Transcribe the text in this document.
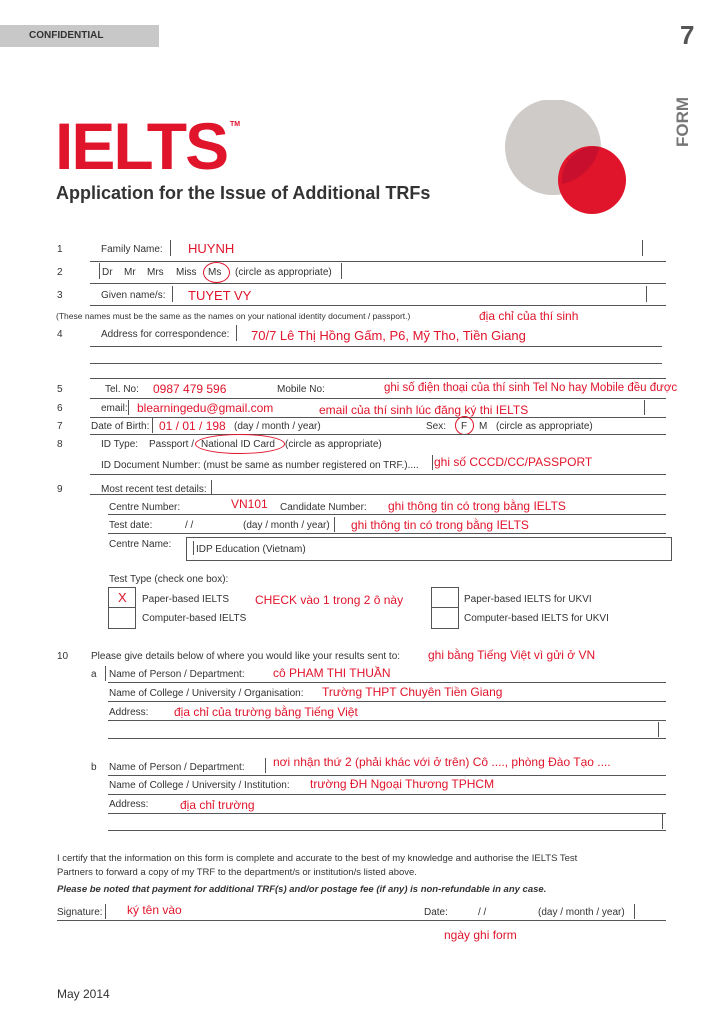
CONFIDENTIAL	7
FORM
IELTS TM
Application for the Issue of Additional TRFs
1	Family Name: HUYNH
2	Dr Mr Mrs Miss Ms (circle as appropriate)
3	Given name/s: TUYET VY
(These names must be the same as the names on your national identity document / passport.)	địa chỉ của thí sinh
4	Address for correspondence: 70/7 Lê Thị Hồng Gấm, P6, Mỹ Tho, Tiền Giang
5	Tel. No: 0987 479 596	Mobile No:	ghi số điện thoại của thí sinh Tel No hay Mobile đều được
6	email: blearningedu@gmail.com	email của thí sinh lúc đăng ký thi IELTS
7	Date of Birth: 01 / 01 / 198 (day / month / year)	Sex: F M (circle as appropriate)
8	ID Type: Passport / National ID Card (circle as appropriate)
ID Document Number: (must be same as number registered on TRF.).... ghi số CCCD/CC/PASSPORT
9	Most recent test details:
Centre Number:	VN101 Candidate Number: ghi thông tin có trong bằng IELTS
Test date:	/ /	(day / month / year) ghi thông tin có trong bằng IELTS
Centre Name: IDP Education (Vietnam)
Test Type (check one box):
X Paper-based IELTS
Computer-based IELTS
CHECK vào 1 trong 2 ô này	Paper-based IELTS for UKVI
Computer-based IELTS for UKVI
10 Please give details below of where you would like your results sent to: ghi bằng Tiếng Việt vì gửi ở VN
a Name of Person / Department: cô PHAM THI THUẦN
Name of College / University / Organisation: Trường THPT Chuyên Tiền Giang
Address: địa chỉ của trường bằng Tiếng Việt
b Name of Person / Department: nơi nhận thứ 2 (phải khác với ở trên) Cô ...., phòng Đào Tạo ....
Name of College / University / Institution: trường ĐH Ngoại Thương TPHCM
Address:	địa chỉ trường
I certify that the information on this form is complete and accurate to the best of my knowledge and authorise the IELTS Test
Partners to forward a copy of my TRF to the department/s or institution/s listed above.
Please be noted that payment for additional TRF(s) and/or postage fee (if any) is non-refundable in any case.
Signature: ký tên vào	Date:	/ /	(day / month / year)
ngày ghi form
May 2014
